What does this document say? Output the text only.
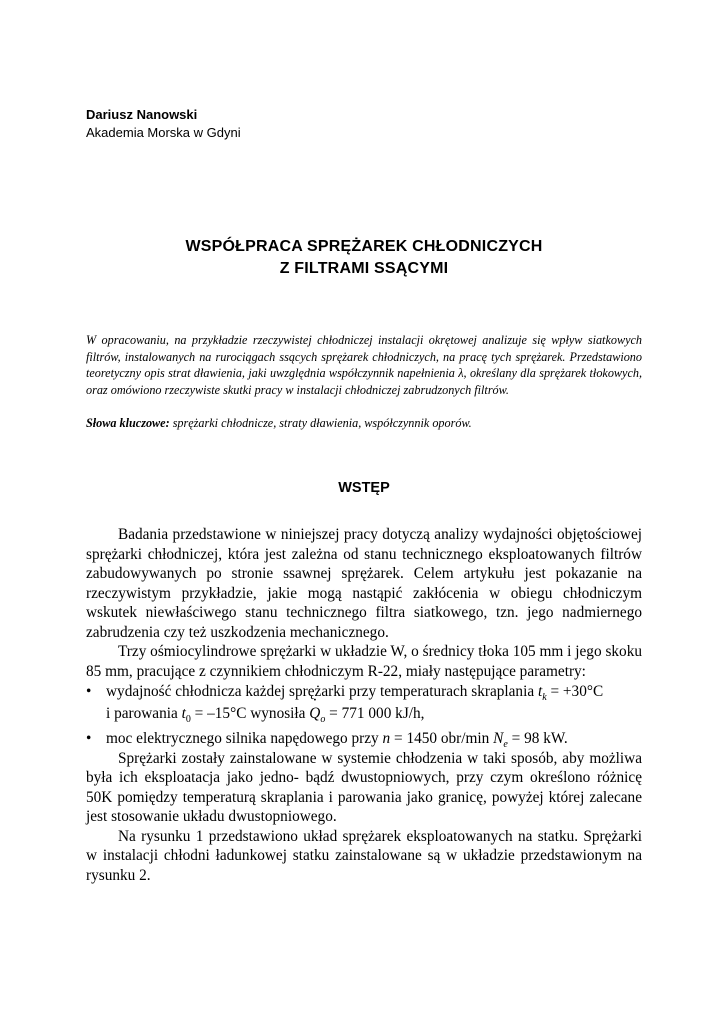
Dariusz Nanowski
Akademia Morska w Gdyni
WSPÓŁPRACA SPRĘŻAREK CHŁODNICZYCH
Z FILTRAMI SSĄCYMI
W opracowaniu, na przykładzie rzeczywistej chłodniczej instalacji okrętowej analizuje się wpływ siatkowych filtrów, instalowanych na rurociągach ssących sprężarek chłodniczych, na pracę tych sprężarek. Przedstawiono teoretyczny opis strat dławienia, jaki uwzględnia współczynnik napełnienia λ, określany dla sprężarek tłokowych, oraz omówiono rzeczywiste skutki pracy w instalacji chłodniczej zabrudzonych filtrów.
Słowa kluczowe: sprężarki chłodnicze, straty dławienia, współczynnik oporów.
WSTĘP

Badania przedstawione w niniejszej pracy dotyczą analizy wydajności objętościowej sprężarki chłodniczej, która jest zależna od stanu technicznego eksploatowanych filtrów zabudowywanych po stronie ssawnej sprężarek. Celem artykułu jest pokazanie na rzeczywistym przykładzie, jakie mogą nastąpić zakłócenia w obiegu chłodniczym wskutek niewłaściwego stanu technicznego filtra siatkowego, tzn. jego nadmiernego zabrudzenia czy też uszkodzenia mechanicznego.

Trzy ośmiocylindrowe sprężarki w układzie W, o średnicy tłoka 105 mm i jego skoku 85 mm, pracujące z czynnikiem chłodniczym R-22, miały następujące parametry:

• wydajność chłodnicza każdej sprężarki przy temperaturach skraplania $t_k = +30^\circ C$
i parowania $t_0 = -15^\circ C$ wynosiła · $Q_o = 771$ 000 kJ/h,
• moc elektrycznego silnika napędowego przy n = 1450 obr/min $N_e = 98$ kW.

Sprężarki zostały zainstalowane w systemie chłodzenia w taki sposób, aby możliwa była ich eksploatacja jako jedno- bądź dwustopniowych, przy czym określono różnicę 50K pomiędzy temperaturą skraplania i parowania jako granicę, powyżej której zalecane jest stosowanie układu dwustopniowego.

Na rysunku 1 przedstawiono układ sprężarek eksploatowanych na statku. Sprężarki w instalacji chłodni ładunkowej statku zainstalowane są w układzie przedstawionym na rysunku 2.
